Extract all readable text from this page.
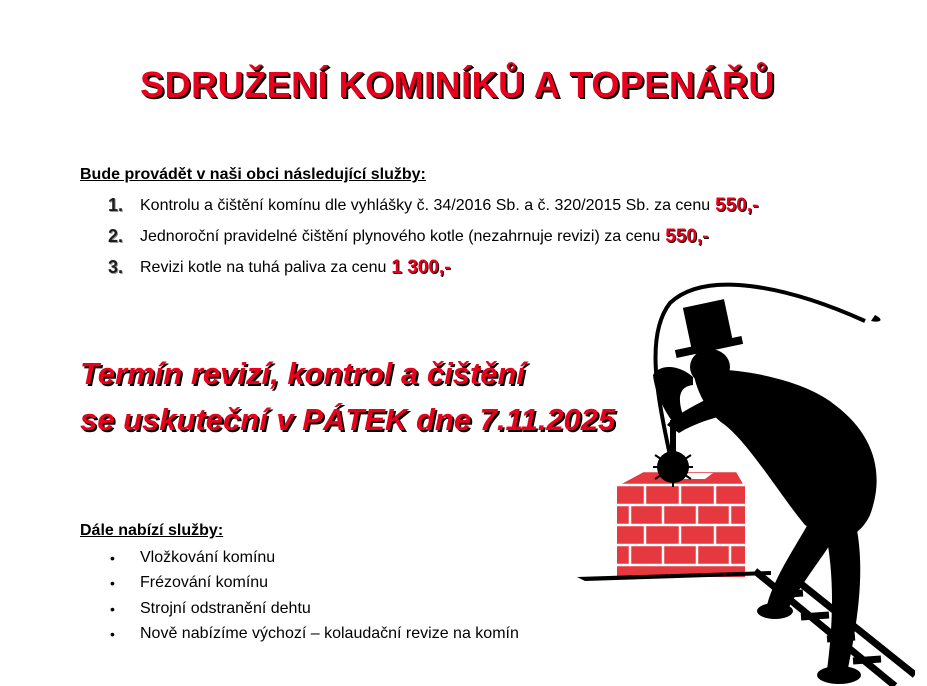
SDRUŽENÍ KOMINÍKŮ A TOPENÁŘŮ
Bude provádět v naši obci následující služby:
1.	Kontrolu a čištění komínu dle vyhlášky č. 34/2016 Sb. a č. 320/2015 Sb. za cenu 550,-
2.	Jednoroční pravidelné čištění plynového kotle (nezahrnuje revizi) za cenu 550,-
3.	Revizi kotle na tuhá paliva za cenu 1 300,-
Termín revizí, kontrol a čištění
se uskuteční v PÁTEK dne 7.11.2025
Dále nabízí služby:
•	Vložkování komínu
•	Frézování komínu
•	Strojní odstranění dehtu
•	Nově nabízíme výchozí – kolaudační revize na komín
